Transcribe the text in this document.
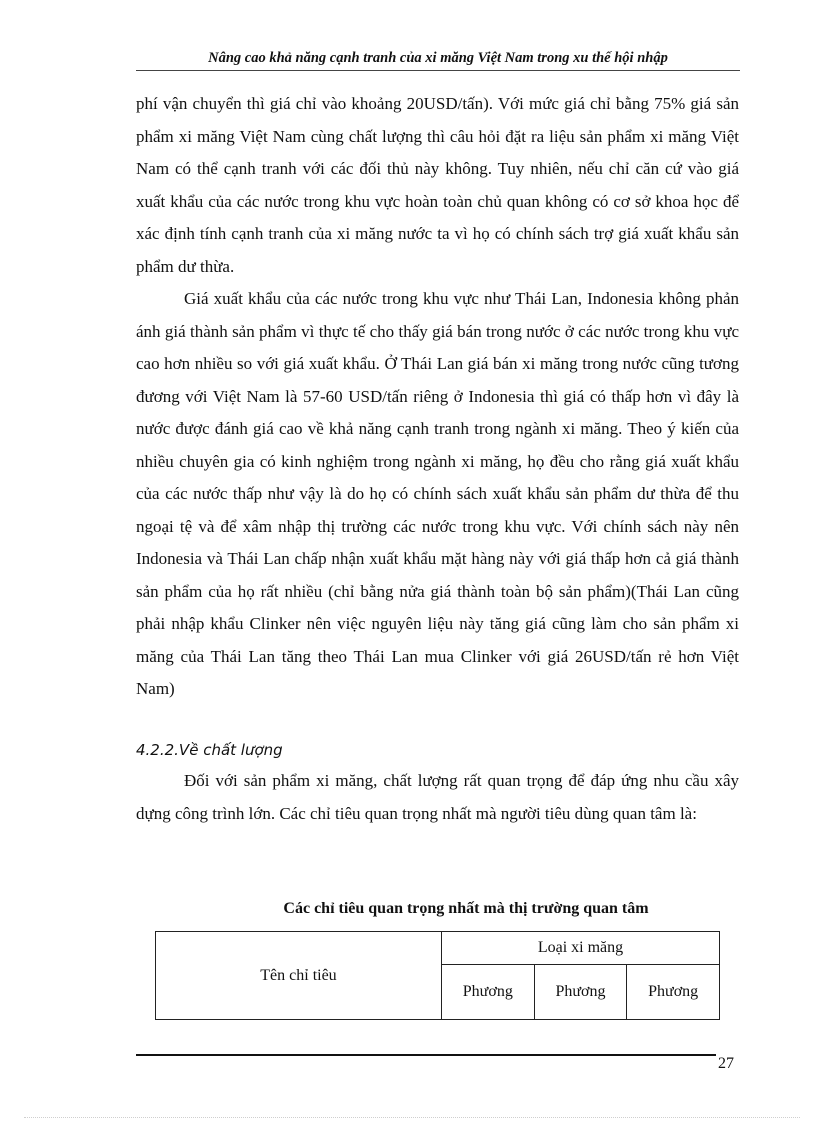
Nâng cao khả năng cạnh tranh của xi măng Việt Nam trong xu thế hội nhập

phí vận chuyển thì giá chỉ vào khoảng 20USD/tấn). Với mức giá chỉ bằng 75% giá sản phẩm xi măng Việt Nam cùng chất lượng thì câu hỏi đặt ra liệu sản phẩm xi măng Việt Nam có thể cạnh tranh với các đối thủ này không. Tuy nhiên, nếu chỉ căn cứ vào giá xuất khẩu của các nước trong khu vực hoàn toàn chủ quan không có cơ sở khoa học để xác định tính cạnh tranh của xi măng nước ta vì họ có chính sách trợ giá xuất khẩu sản phẩm dư thừa.

Giá xuất khẩu của các nước trong khu vực như Thái Lan, Indonesia không phản ánh giá thành sản phẩm vì thực tế cho thấy giá bán trong nước ở các nước trong khu vực cao hơn nhiều so với giá xuất khẩu. Ở Thái Lan giá bán xi măng trong nước cũng tương đương với Việt Nam là 57-60 USD/tấn riêng ở Indonesia thì giá có thấp hơn vì đây là nước được đánh giá cao về khả năng cạnh tranh trong ngành xi măng. Theo ý kiến của nhiều chuyên gia có kinh nghiệm trong ngành xi măng, họ đều cho rằng giá xuất khẩu của các nước thấp như vậy là do họ có chính sách xuất khẩu sản phẩm dư thừa để thu ngoại tệ và để xâm nhập thị trường các nước trong khu vực. Với chính sách này nên Indonesia và Thái Lan chấp nhận xuất khẩu mặt hàng này với giá thấp hơn cả giá thành sản phẩm của họ rất nhiều (chỉ bằng nửa giá thành toàn bộ sản phẩm)(Thái Lan cũng phải nhập khẩu Clinker nên việc nguyên liệu này tăng giá cũng làm cho sản phẩm xi măng của Thái Lan tăng theo Thái Lan mua Clinker với giá 26USD/tấn rẻ hơn Việt Nam)

4.2.2.Về chất lượng

Đối với sản phẩm xi măng, chất lượng rất quan trọng để đáp ứng nhu cầu xây dựng công trình lớn. Các chỉ tiêu quan trọng nhất mà người tiêu dùng quan tâm là:

Các chỉ tiêu quan trọng nhất mà thị trường quan tâm
Tên chỉ tiêu	Loại xi măng		
	Phương	Phương	Phương
27
